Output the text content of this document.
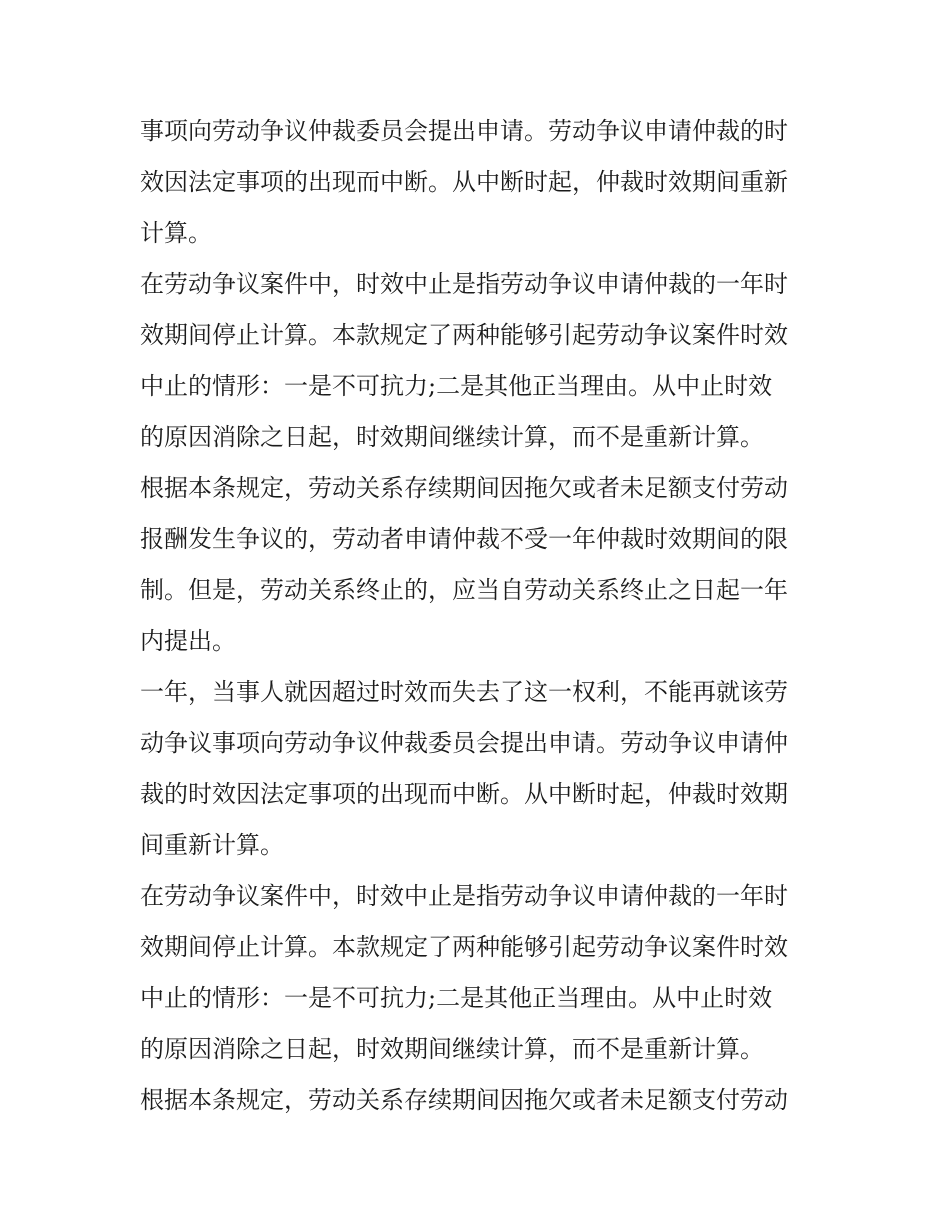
事项向劳动争议仲裁委员会提出申请。劳动争议申请仲裁的时
效因法定事项的出现而中断。从中断时起，仲裁时效期间重新
计算。
在劳动争议案件中，时效中止是指劳动争议申请仲裁的一年时
效期间停止计算。本款规定了两种能够引起劳动争议案件时效
中止的情形：一是不可抗力;二是其他正当理由。从中止时效
的原因消除之日起，时效期间继续计算，而不是重新计算。
根据本条规定，劳动关系存续期间因拖欠或者未足额支付劳动
报酬发生争议的，劳动者申请仲裁不受一年仲裁时效期间的限
制。但是，劳动关系终止的，应当自劳动关系终止之日起一年
内提出。
一年，当事人就因超过时效而失去了这一权利，不能再就该劳
动争议事项向劳动争议仲裁委员会提出申请。劳动争议申请仲
裁的时效因法定事项的出现而中断。从中断时起，仲裁时效期
间重新计算。
在劳动争议案件中，时效中止是指劳动争议申请仲裁的一年时
效期间停止计算。本款规定了两种能够引起劳动争议案件时效
中止的情形：一是不可抗力;二是其他正当理由。从中止时效
的原因消除之日起，时效期间继续计算，而不是重新计算。
根据本条规定，劳动关系存续期间因拖欠或者未足额支付劳动
